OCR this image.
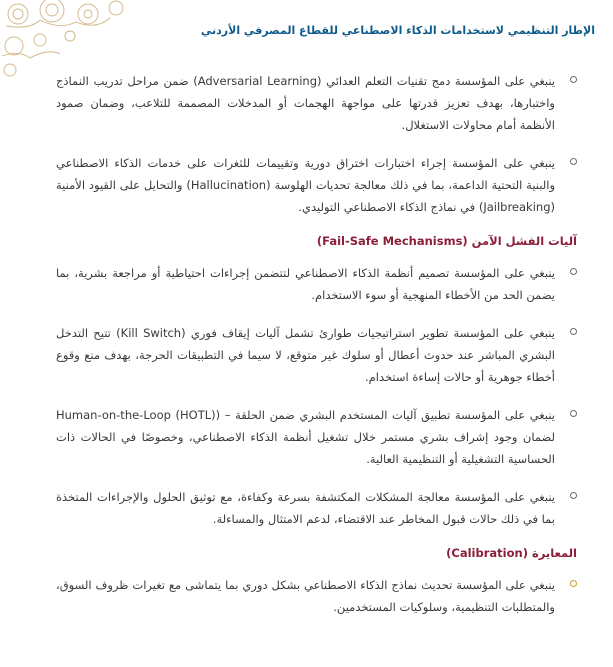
الإطار التنظيمي لاستخدامات الذكاء الاصطناعي للقطاع المصرفي الأردني
ينبغي على المؤسسة دمج تقنيات التعلم العدائي (Adversarial Learning) ضمن مراحل تدريب النماذج واختبارها، بهدف تعزيز قدرتها على مواجهة الهجمات أو المدخلات المصممة للتلاعب، وضمان صمود الأنظمة أمام محاولات الاستغلال.
ينبغي على المؤسسة إجراء اختبارات اختراق دورية وتقييمات للثغرات على خدمات الذكاء الاصطناعي والبنية التحتية الداعمة، بما في ذلك معالجة تحديات الهلوسة (Hallucination) والتحايل على القيود الأمنية (Jailbreaking) في نماذج الذكاء الاصطناعي التوليدي.
آليات الفشل الآمن (Fail-Safe Mechanisms)
ينبغي على المؤسسة تصميم أنظمة الذكاء الاصطناعي لتتضمن إجراءات احتياطية أو مراجعة بشرية، بما يضمن الحد من الأخطاء المنهجية أو سوء الاستخدام.
ينبغي على المؤسسة تطوير استراتيجيات طوارئ تشمل آليات إيقاف فوري (Kill Switch) تتيح التدخل البشري المباشر عند حدوث أعطال أو سلوك غير متوقع، لا سيما في التطبيقات الحرجة، بهدف منع وقوع أخطاء جوهرية أو حالات إساءة استخدام.
ينبغي على المؤسسة تطبيق آليات المستخدم البشري ضمن الحلقة – (Human-on-the-Loop (HOTL) لضمان وجود إشراف بشري مستمر خلال تشغيل أنظمة الذكاء الاصطناعي، وخصوصًا في الحالات ذات الحساسية التشغيلية أو التنظيمية العالية.
ينبغي على المؤسسة معالجة المشكلات المكتشفة بسرعة وكفاءة، مع توثيق الحلول والإجراءات المتخذة بما في ذلك حالات قبول المخاطر عند الاقتضاء، لدعم الامتثال والمساءلة.
المعايرة (Calibration)
ينبغي على المؤسسة تحديث نماذج الذكاء الاصطناعي بشكل دوري بما يتماشى مع تغيرات ظروف السوق، والمتطلبات التنظيمية، وسلوكيات المستخدمين.
